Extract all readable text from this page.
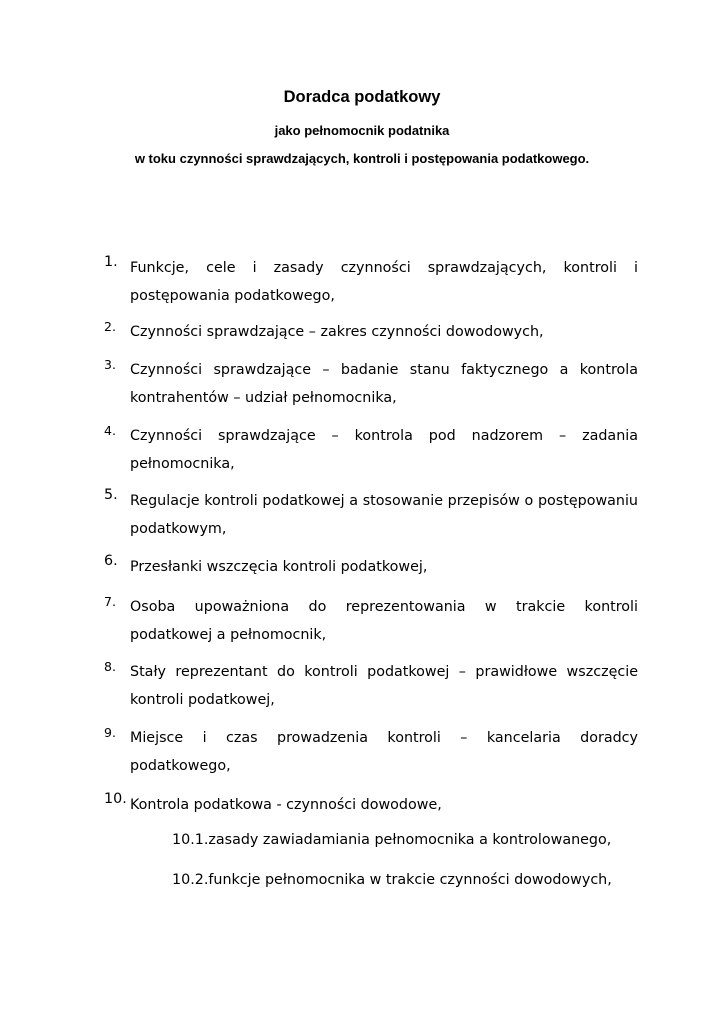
Doradca podatkowy
jako pełnomocnik podatnika
w toku czynności sprawdzających, kontroli i postępowania podatkowego.
1. Funkcje, cele i zasady czynności sprawdzających, kontroli i
postępowania podatkowego,
2. Czynności sprawdzające – zakres czynności dowodowych,
3. Czynności sprawdzające – badanie stanu faktycznego a kontrola
kontrahentów – udział pełnomocnika,
4. Czynności sprawdzające – kontrola pod nadzorem – zadania
pełnomocnika,
5. Regulacje kontroli podatkowej a stosowanie przepisów o postępowaniu
podatkowym,
6. Przesłanki wszczęcia kontroli podatkowej,
7. Osoba upoważniona do reprezentowania w trakcie kontroli
podatkowej a pełnomocnik,
8. Stały reprezentant do kontroli podatkowej – prawidłowe wszczęcie
kontroli podatkowej,
9. Miejsce i czas prowadzenia kontroli – kancelaria doradcy
podatkowego,
10. Kontrola podatkowa - czynności dowodowe,
10.1.zasady zawiadamiania pełnomocnika a kontrolowanego,
10.2.funkcje pełnomocnika w trakcie czynności dowodowych,
